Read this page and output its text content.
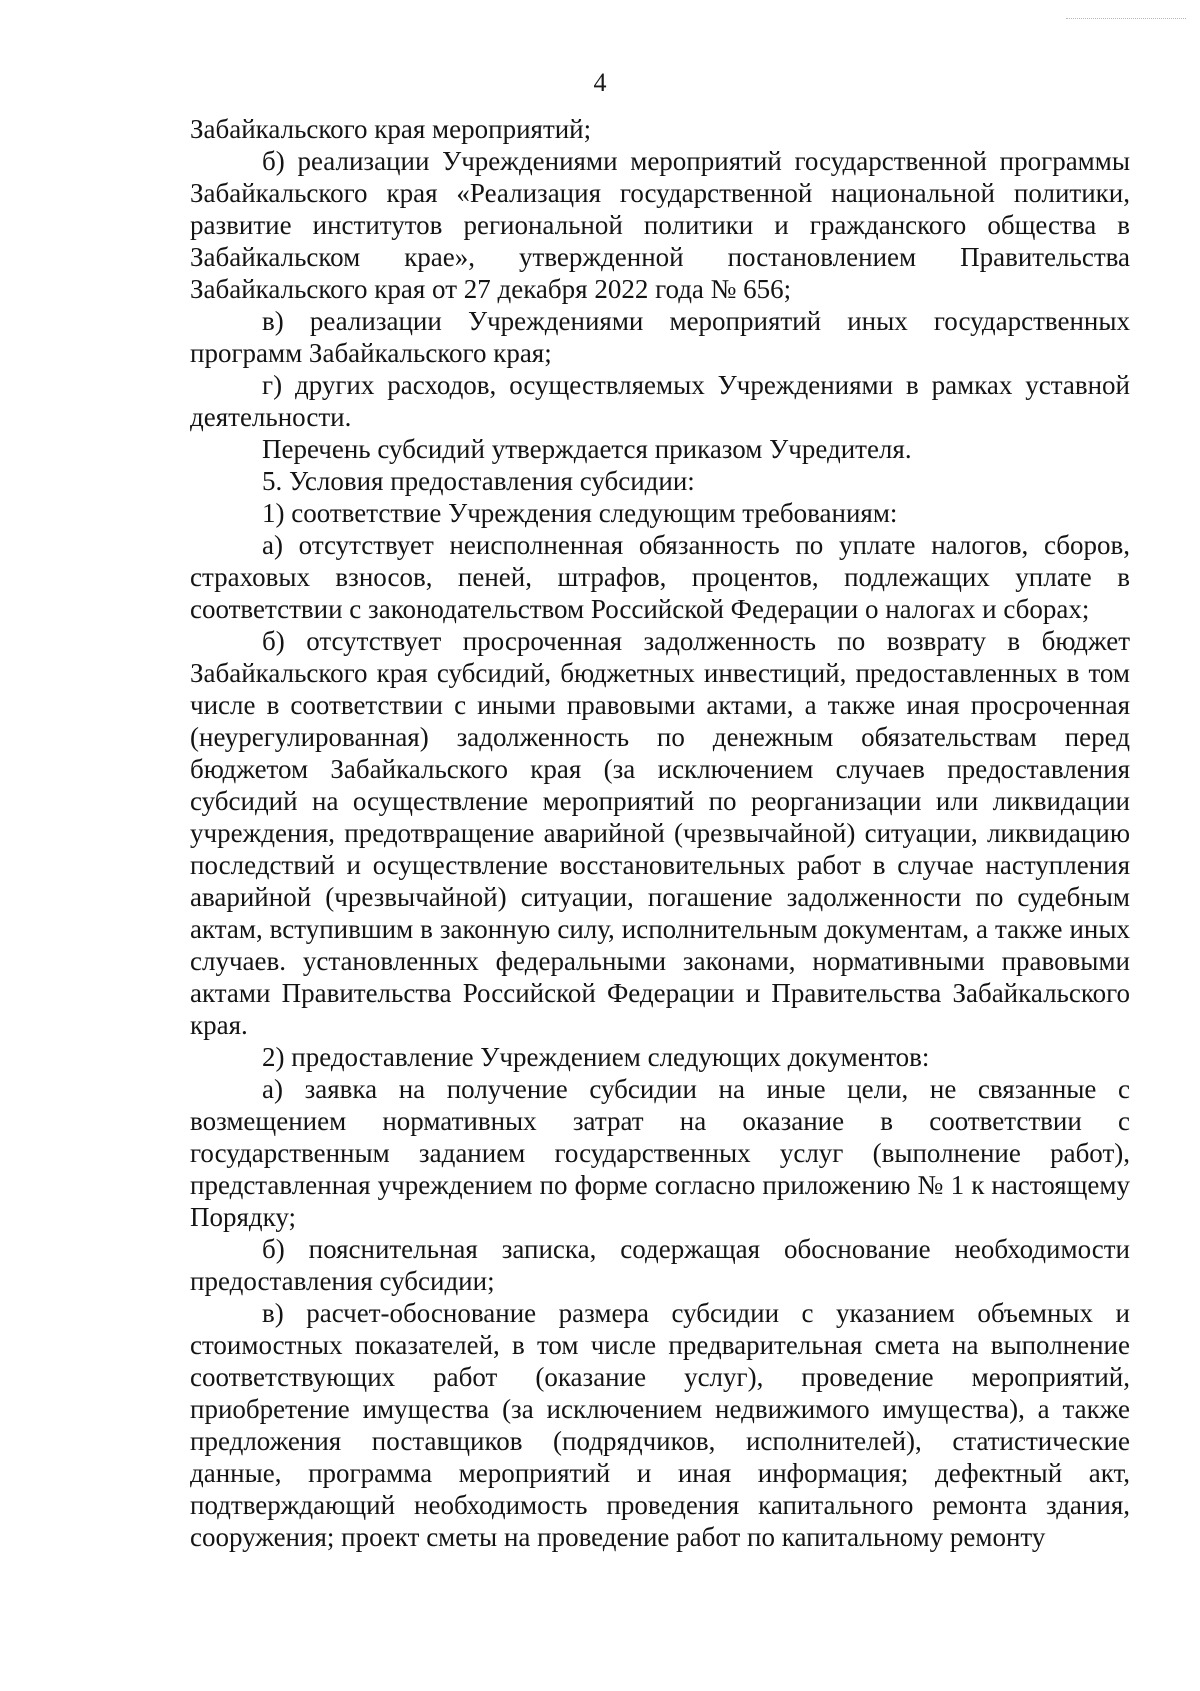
4

Забайкальского края мероприятий;

б) реализации Учреждениями мероприятий государственной программы Забайкальского края «Реализация государственной национальной политики, развитие институтов региональной политики и гражданского общества в Забайкальском крае», утвержденной постановлением Правительства Забайкальского края от 27 декабря 2022 года № 656;

в) реализации Учреждениями мероприятий иных государственных программ Забайкальского края;

г) других расходов, осуществляемых Учреждениями в рамках уставной деятельности.

Перечень субсидий утверждается приказом Учредителя.

5. Условия предоставления субсидии:

1) соответствие Учреждения следующим требованиям:

а) отсутствует неисполненная обязанность по уплате налогов, сборов, страховых взносов, пеней, штрафов, процентов, подлежащих уплате в соответствии с законодательством Российской Федерации о налогах и сборах;

б) отсутствует просроченная задолженность по возврату в бюджет Забайкальского края субсидий, бюджетных инвестиций, предоставленных в том числе в соответствии с иными правовыми актами, а также иная просроченная (неурегулированная) задолженность по денежным обязательствам перед бюджетом Забайкальского края (за исключением случаев предоставления субсидий на осуществление мероприятий по реорганизации или ликвидации учреждения, предотвращение аварийной (чрезвычайной) ситуации, ликвидацию последствий и осуществление восстановительных работ в случае наступления аварийной (чрезвычайной) ситуации, погашение задолженности по судебным актам, вступившим в законную силу, исполнительным документам, а также иных случаев. установленных федеральными законами, нормативными правовыми актами Правительства Российской Федерации и Правительства Забайкальского края.

2) предоставление Учреждением следующих документов:

а) заявка на получение субсидии на иные цели, не связанные с возмещением нормативных затрат на оказание в соответствии с государственным заданием государственных услуг (выполнение работ), представленная учреждением по форме согласно приложению № 1 к настоящему Порядку;

б) пояснительная записка, содержащая обоснование необходимости предоставления субсидии;

в) расчет-обоснование размера субсидии с указанием объемных и стоимостных показателей, в том числе предварительная смета на выполнение соответствующих работ (оказание услуг), проведение мероприятий, приобретение имущества (за исключением недвижимого имущества), а также предложения поставщиков (подрядчиков, исполнителей), статистические данные, программа мероприятий и иная информация; дефектный акт, подтверждающий необходимость проведения капитального ремонта здания, сооружения; проект сметы на проведение работ по капитальному ремонту
